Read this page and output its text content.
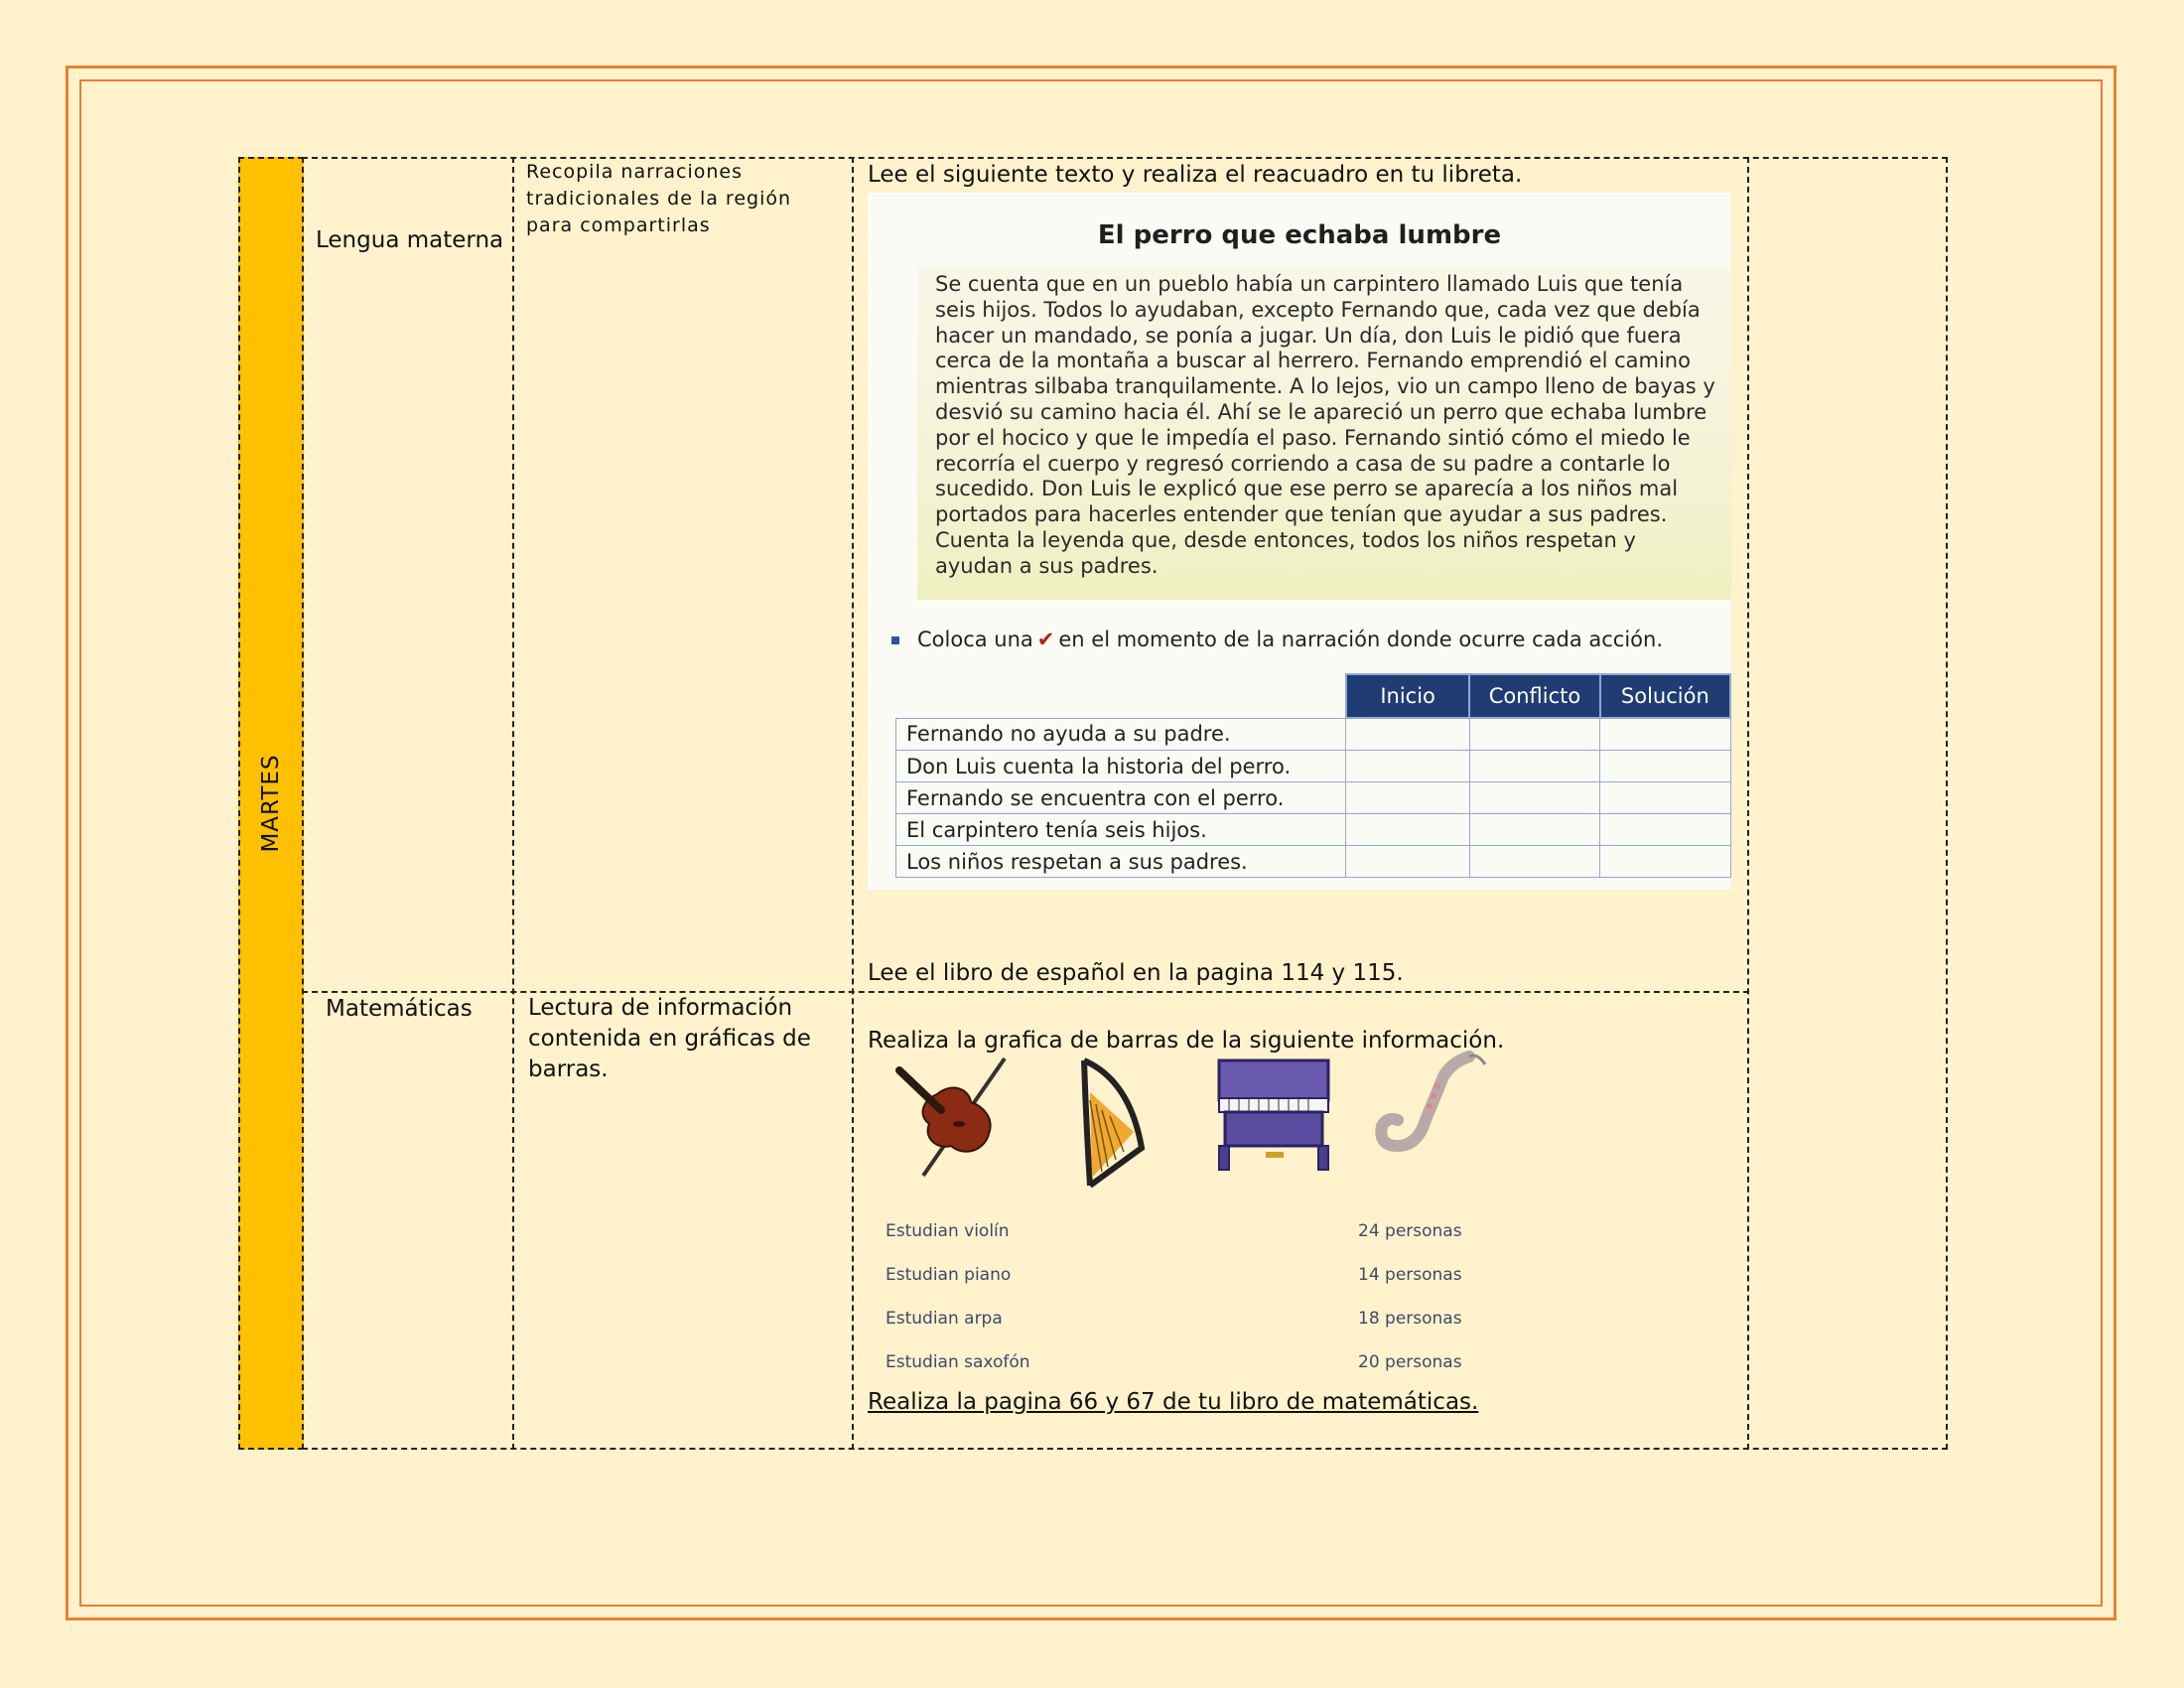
MARTES
Lengua materna
Recopila narraciones tradicionales de la región para compartirlas
Lee el siguiente texto y realiza el reacuadro en tu libreta.
El perro que echaba lumbre
Se cuenta que en un pueblo había un carpintero llamado Luis que tenía seis hijos. Todos lo ayudaban, excepto Fernando que, cada vez que debía hacer un mandado, se ponía a jugar. Un día, don Luis le pidió que fuera cerca de la montaña a buscar al herrero. Fernando emprendió el camino mientras silbaba tranquilamente. A lo lejos, vio un campo lleno de bayas y desvió su camino hacia él. Ahí se le apareció un perro que echaba lumbre por el hocico y que le impedía el paso. Fernando sintió cómo el miedo le recorría el cuerpo y regresó corriendo a casa de su padre a contarle lo sucedido. Don Luis le explicó que ese perro se aparecía a los niños mal portados para hacerles entender que tenían que ayudar a sus padres. Cuenta la leyenda que, desde entonces, todos los niños respetan y ayudan a sus padres.
Coloca una ✔ en el momento de la narración donde ocurre cada acción.
	Inicio	Conflicto	Solución
Fernando no ayuda a su padre.			
Don Luis cuenta la historia del perro.			
Fernando se encuentra con el perro.			
El carpintero tenía seis hijos.			
Los niños respetan a sus padres.			
Lee el libro de español en la pagina 114 y 115.
Matemáticas Lectura de información contenida en gráficas de barras.
Realiza la grafica de barras de la siguiente información.
Estudian violín	24 personas
Estudian piano	14 personas
Estudian arpa	18 personas
Estudian saxofón	20 personas
Realiza la pagina 66 y 67 de tu libro de matemáticas.
